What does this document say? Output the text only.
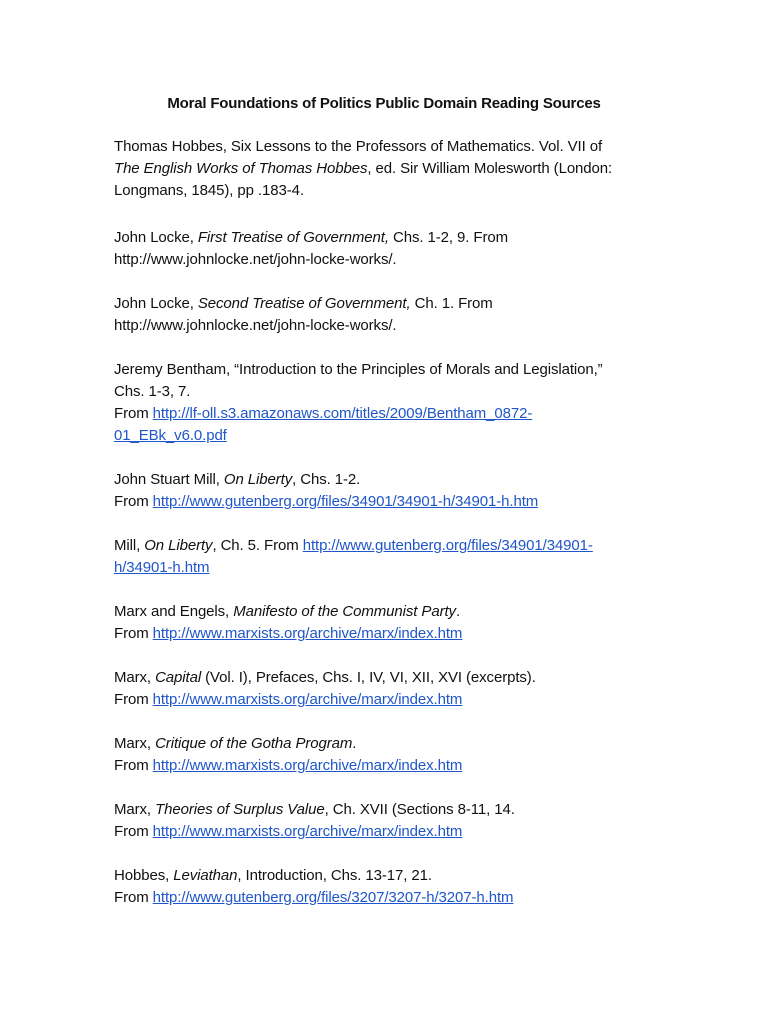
Moral Foundations of Politics Public Domain Reading Sources
Thomas Hobbes, Six Lessons to the Professors of Mathematics. Vol. VII of
The English Works of Thomas Hobbes, ed. Sir William Molesworth (London:
Longmans, 1845), pp .183-4.
John Locke, First Treatise of Government, Chs. 1-2, 9. From
http://www.johnlocke.net/john-locke-works/.
John Locke, Second Treatise of Government, Ch. 1. From
http://www.johnlocke.net/john-locke-works/.
Jeremy Bentham, “Introduction to the Principles of Morals and Legislation,”
Chs. 1-3, 7.
From http://lf-oll.s3.amazonaws.com/titles/2009/Bentham_0872-
01_EBk_v6.0.pdf
John Stuart Mill, On Liberty, Chs. 1-2.
From http://www.gutenberg.org/files/34901/34901-h/34901-h.htm
Mill, On Liberty, Ch. 5. From http://www.gutenberg.org/files/34901/34901-
h/34901-h.htm
Marx and Engels, Manifesto of the Communist Party.
From http://www.marxists.org/archive/marx/index.htm
Marx, Capital (Vol. I), Prefaces, Chs. I, IV, VI, XII, XVI (excerpts).
From http://www.marxists.org/archive/marx/index.htm
Marx, Critique of the Gotha Program.
From http://www.marxists.org/archive/marx/index.htm
Marx, Theories of Surplus Value, Ch. XVII (Sections 8-11, 14.
From http://www.marxists.org/archive/marx/index.htm
Hobbes, Leviathan, Introduction, Chs. 13-17, 21.
From http://www.gutenberg.org/files/3207/3207-h/3207-h.htm
